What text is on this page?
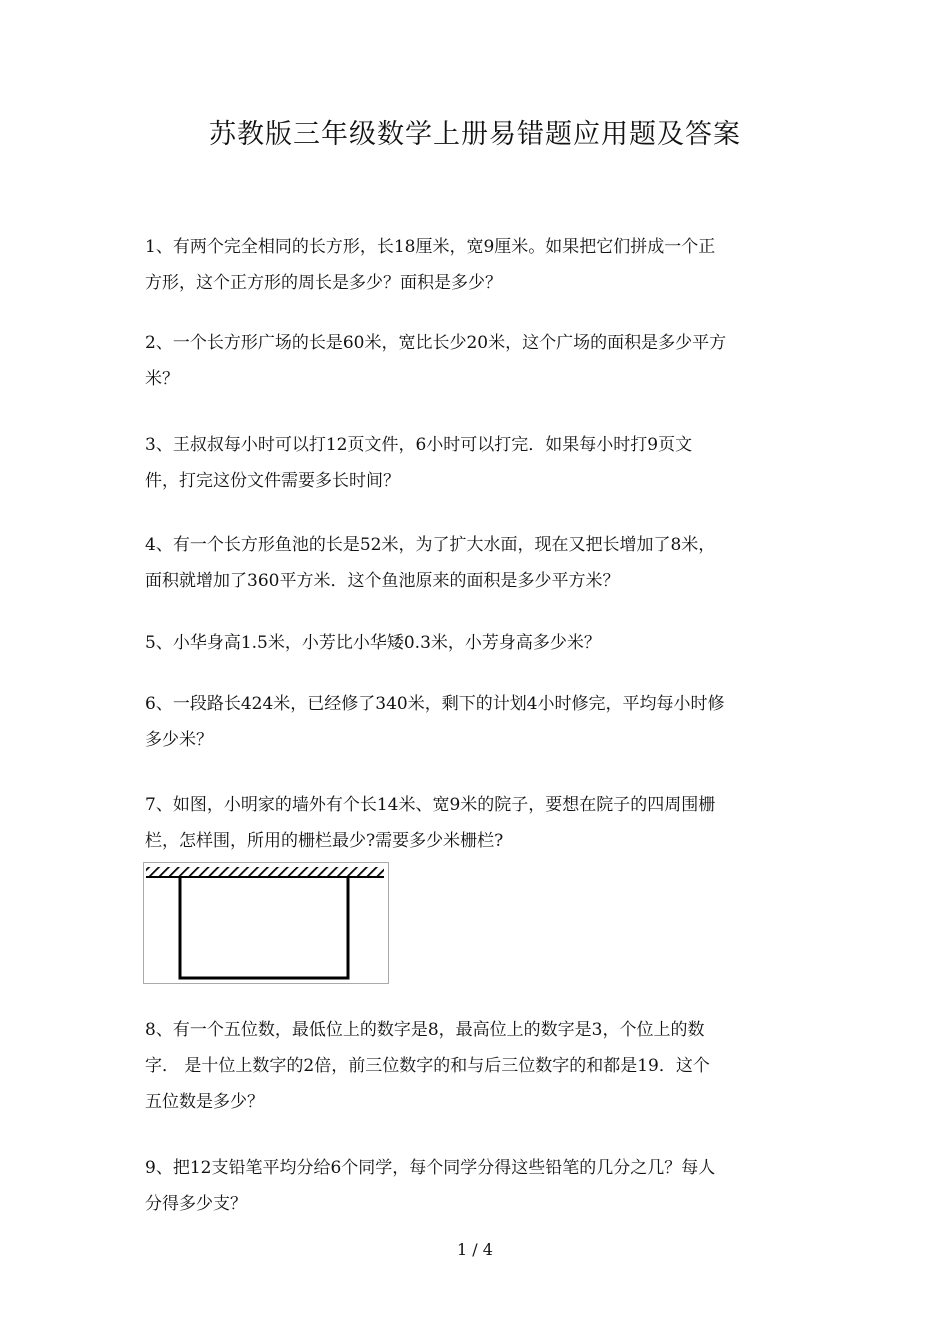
苏教版三年级数学上册易错题应用题及答案

1、有两个完全相同的长方形，长18厘米，宽9厘米。如果把它们拼成一个正

方形，这个正方形的周长是多少？面积是多少？

2、一个长方形广场的长是60米，宽比长少20米，这个广场的面积是多少平方

米？

3、王叔叔每小时可以打12页文件，6小时可以打完．如果每小时打9页文

件，打完这份文件需要多长时间？

4、有一个长方形鱼池的长是52米，为了扩大水面，现在又把长增加了8米，

面积就增加了360平方米．这个鱼池原来的面积是多少平方米？

5、小华身高1.5米，小芳比小华矮0.3米，小芳身高多少米？

6、一段路长424米，已经修了340米，剩下的计划4小时修完，平均每小时修

多少米？

7、如图，小明家的墙外有个长14米、宽9米的院子，要想在院子的四周围栅

栏，怎样围，所用的栅栏最少?需要多少米栅栏?

8、有一个五位数，最低位上的数字是8，最高位上的数字是3，个位上的数

字． 是十位上数字的2倍，前三位数字的和与后三位数字的和都是19．这个

五位数是多少？

9、把12支铅笔平均分给6个同学，每个同学分得这些铅笔的几分之几？每人

分得多少支？

1 / 4
